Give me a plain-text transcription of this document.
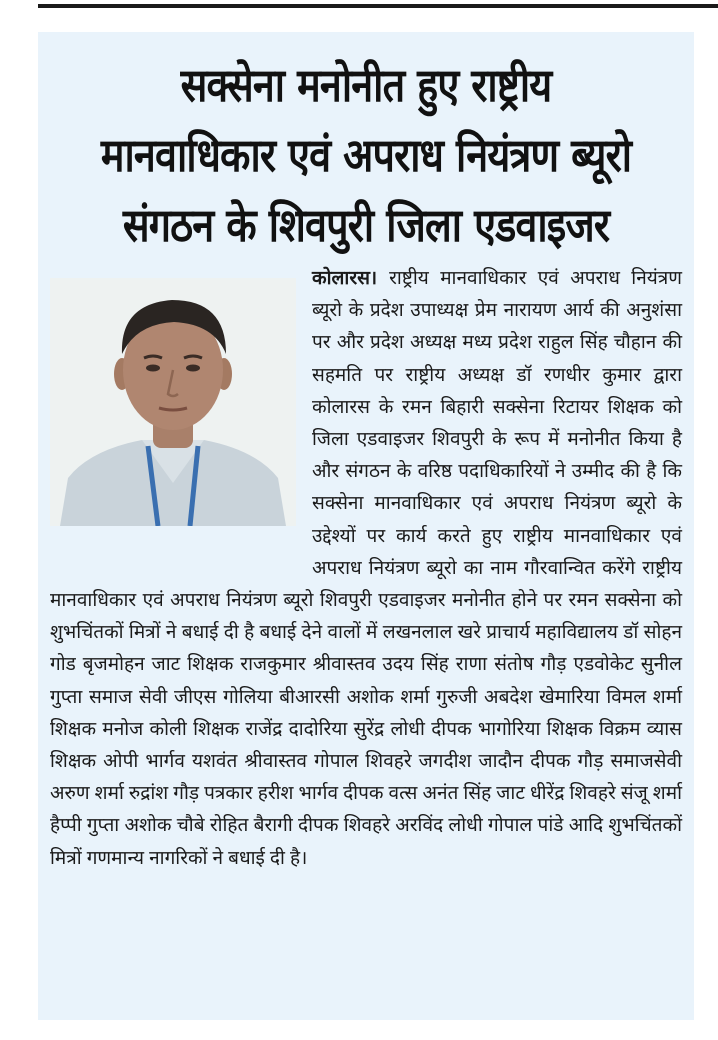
सक्सेना मनोनीत हुए राष्ट्रीय
मानवाधिकार एवं अपराध नियंत्रण ब्यूरो
संगठन के शिवपुरी जिला एडवाइजर
कोलारस। राष्ट्रीय मानवाधिकार एवं अपराध नियंत्रण ब्यूरो के प्रदेश उपाध्यक्ष प्रेम नारायण आर्य की अनुशंसा पर और प्रदेश अध्यक्ष मध्य प्रदेश राहुल सिंह चौहान की सहमति पर राष्ट्रीय अध्यक्ष डॉ रणधीर कुमार द्वारा कोलारस के रमन बिहारी सक्सेना रिटायर शिक्षक को जिला एडवाइजर शिवपुरी के रूप में मनोनीत किया है और संगठन के वरिष्ठ पदाधिकारियों ने उम्मीद की है कि सक्सेना मानवाधिकार एवं अपराध नियंत्रण ब्यूरो के उद्देश्यों पर कार्य करते हुए राष्ट्रीय मानवाधिकार एवं अपराध नियंत्रण ब्यूरो का नाम गौरवान्वित करेंगे राष्ट्रीय मानवाधिकार एवं अपराध नियंत्रण ब्यूरो शिवपुरी एडवाइजर मनोनीत होने पर रमन सक्सेना को शुभचिंतकों मित्रों ने बधाई दी है बधाई देने वालों में लखनलाल खरे प्राचार्य महाविद्यालय डॉ सोहन गोड बृजमोहन जाट शिक्षक राजकुमार श्रीवास्तव उदय सिंह राणा संतोष गौड़ एडवोकेट सुनील गुप्ता समाज सेवी जीएस गोलिया बीआरसी अशोक शर्मा गुरुजी अबदेश खेमारिया विमल शर्मा शिक्षक मनोज कोली शिक्षक राजेंद्र दादोरिया सुरेंद्र लोधी दीपक भागोरिया शिक्षक विक्रम व्यास शिक्षक ओपी भार्गव यशवंत श्रीवास्तव गोपाल शिवहरे जगदीश जादौन दीपक गौड़ समाजसेवी अरुण शर्मा रुद्रांश गौड़ पत्रकार हरीश भार्गव दीपक वत्स अनंत सिंह जाट धीरेंद्र शिवहरे संजू शर्मा हैप्पी गुप्ता अशोक चौबे रोहित बैरागी दीपक शिवहरे अरविंद लोधी गोपाल पांडे आदि शुभचिंतकों मित्रों गणमान्य नागरिकों ने बधाई दी है।
